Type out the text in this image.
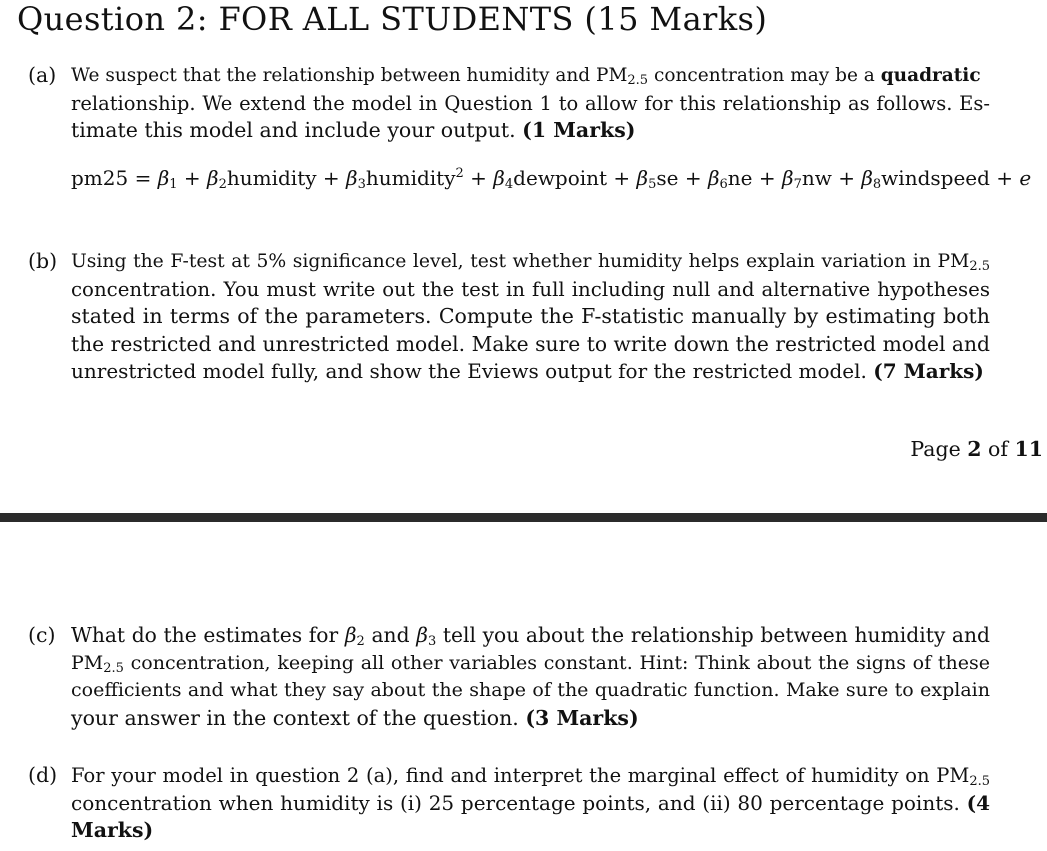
Question 2: FOR ALL STUDENTS (15 Marks)
(a) We suspect that the relationship between humidity and $PM_{2.5}$ concentration may be a quadratic
relationship. We extend the model in Question 1 to allow for this relationship as follows. Es-
timate this model and include your output. (1 Marks)
$pm25 = \beta_1$ + $\beta_2humidity$ + $\beta_3humidity^2$ + $\beta_4dewpoint + \beta_5se + \beta_6ne + \beta_7nw$ + $\beta_8windspeed + e$
(b) Using the F-test at 5% significance level, test whether humidity helps explain variation in $PM_{2.5}$
concentration. You must write out the test in full including null and alternative hypotheses
stated in terms of the parameters. Compute the F-statistic manually by estimating both
the restricted and unrestricted model. Make sure to write down the restricted model and
unrestricted model fully, and show the Eviews output for the restricted model. (7 Marks)
Page 2 of 11
(c) What do the estimates for $\beta_2$ and $\beta_3$ tell you about the relationship between humidity and
$PM_{2.5}$ concentration, keeping all other variables constant. Hint: Think about the signs of these
coefficients and what they say about the shape of the quadratic function. Make sure to explain
your answer in the context of the question. (3 Marks)
(d) For your model in question 2 (a), find and interpret the marginal effect of humidity on $PM_{2.5}$
concentration when humidity is (i) 25 percentage points, and (ii) 80 percentage points. (4
Marks)
